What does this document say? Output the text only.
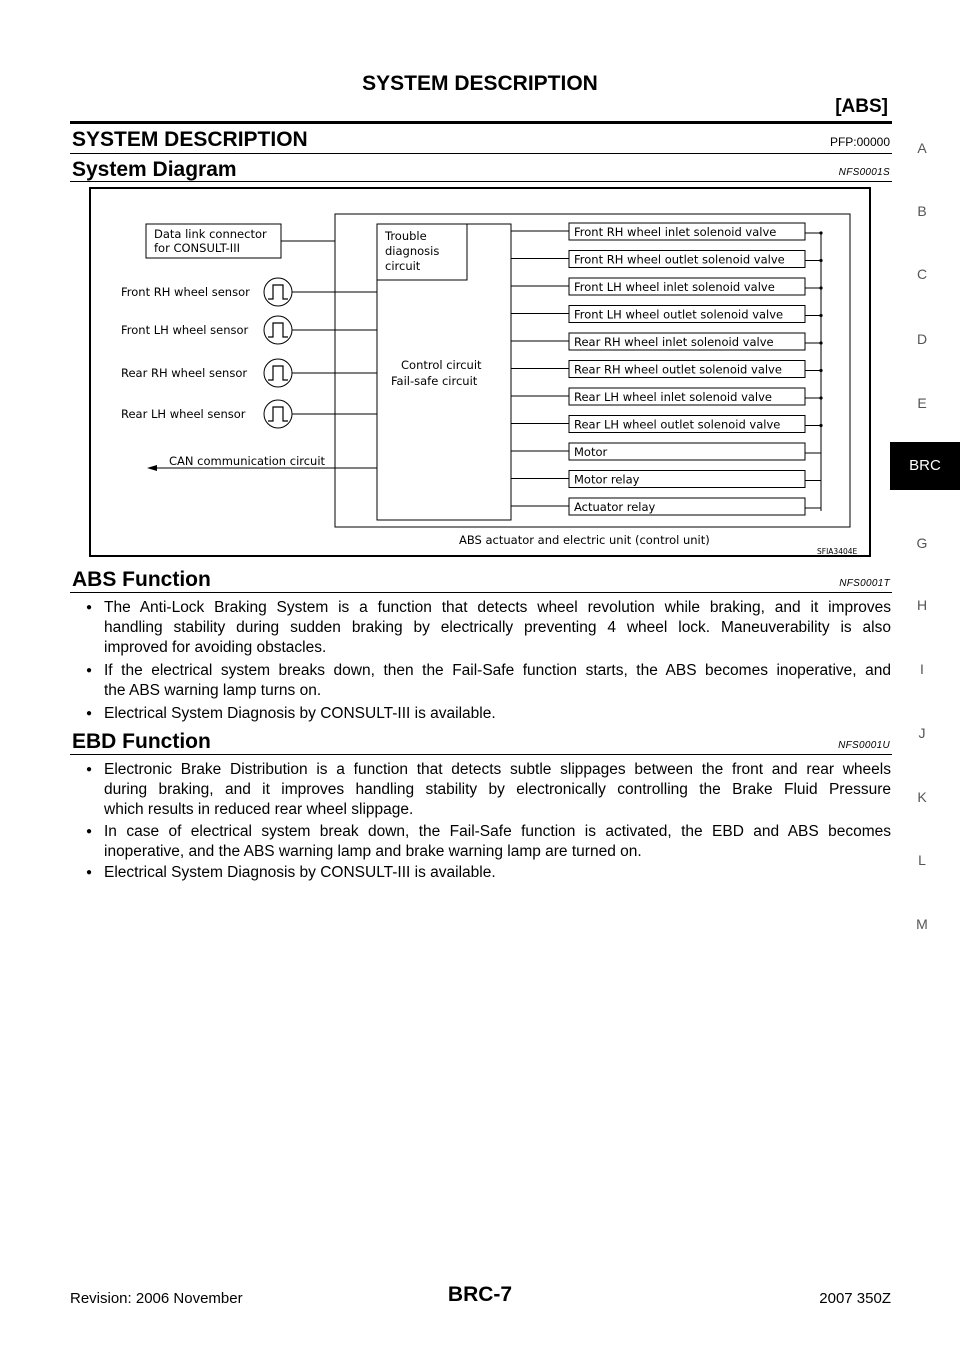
SYSTEM DESCRIPTION
[ABS]
SYSTEM DESCRIPTION	PFP:00000
System Diagram	NFS0001S
Data link connector
for CONSULT-III
ABS actuator and electric unit (control unit)
SFIA3404E
Trouble
diagnosis
circuit
Control circuit
Fail-safe circuit
CAN communication circuit
Front RH wheel sensor
Front LH wheel sensor
Rear RH wheel sensor
Rear LH wheel sensor
Front RH wheel inlet solenoid valve
Front RH wheel outlet solenoid valve
Front LH wheel inlet solenoid valve
Front LH wheel outlet solenoid valve
Rear RH wheel inlet solenoid valve
Rear RH wheel outlet solenoid valve
Rear LH wheel inlet solenoid valve
Rear LH wheel outlet solenoid valve
Motor
Motor relay
Actuator relay
ABS Function	NFS0001T
● The Anti-Lock Braking System is a function that detects wheel revolution while braking, and it improves
handling stability during sudden braking by electrically preventing 4 wheel lock. Maneuverability is also
improved for avoiding obstacles.
● If the electrical system breaks down, then the Fail-Safe function starts, the ABS becomes inoperative, and
the ABS warning lamp turns on.
● Electrical System Diagnosis by CONSULT-III is available.
EBD Function	NFS0001U
● Electronic Brake Distribution is a function that detects subtle slippages between the front and rear wheels
during braking, and it improves handling stability by electronically controlling the Brake Fluid Pressure
which results in reduced rear wheel slippage.
● In case of electrical system break down, the Fail-Safe function is activated, the EBD and ABS becomes
inoperative, and the ABS warning lamp and brake warning lamp are turned on.
● Electrical System Diagnosis by CONSULT-III is available.
A
B
C
D
E
BRC
G
H
I
J
K
L
M
Revision: 2006 November	BRC-7	2007 350Z
